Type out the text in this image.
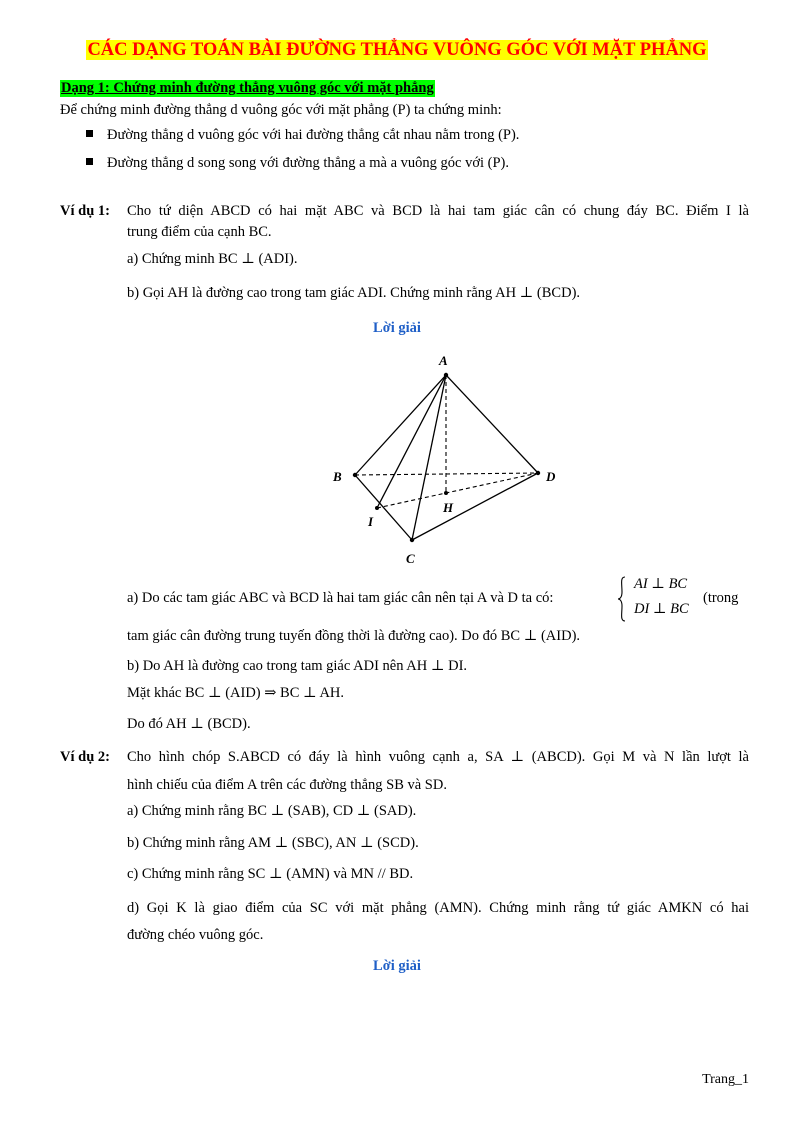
CÁC DẠNG TOÁN BÀI ĐƯỜNG THẲNG VUÔNG GÓC VỚI MẶT PHẲNG
Dạng 1: Chứng minh đường thẳng vuông góc với mặt phẳng
Để chứng minh đường thẳng d vuông góc với mặt phẳng (P) ta chứng minh:
Đường thẳng d vuông góc với hai đường thẳng cắt nhau nằm trong (P).
Đường thẳng d song song với đường thẳng a mà a vuông góc với (P).
Ví dụ 1: Cho tứ diện ABCD có hai mặt ABC và BCD là hai tam giác cân có chung đáy BC. Điểm I là
trung điểm của cạnh BC.
a) Chứng minh BC ⊥ (ADI).
b) Gọi AH là đường cao trong tam giác ADI. Chứng minh rằng AH ⊥ (BCD).
Lời giải
A
B	D
C
I
H
a) Do các tam giác ABC và BCD là hai tam giác cân nên tại A và D ta có:
AI ⊥ BC
DI ⊥ BC
(trong
tam giác cân đường trung tuyến đồng thời là đường cao). Do đó BC ⊥ (AID).
b) Do AH là đường cao trong tam giác ADI nên AH ⊥ DI.
Mặt khác BC ⊥ (AID) ⇒ BC ⊥ AH.
Do đó AH ⊥ (BCD).
Ví dụ 2: Cho hình chóp S.ABCD có đáy là hình vuông cạnh a, SA ⊥ (ABCD). Gọi M và N lần lượt là
hình chiếu của điểm A trên các đường thẳng SB và SD.
a) Chứng minh rằng BC ⊥ (SAB), CD ⊥ (SAD).
b) Chứng minh rằng AM ⊥ (SBC), AN ⊥ (SCD).
c) Chứng minh rằng SC ⊥ (AMN) và MN // BD.
d) Gọi K là giao điểm của SC với mặt phẳng (AMN). Chứng minh rằng tứ giác AMKN có hai
đường chéo vuông góc.
Lời giải
Trang_1
